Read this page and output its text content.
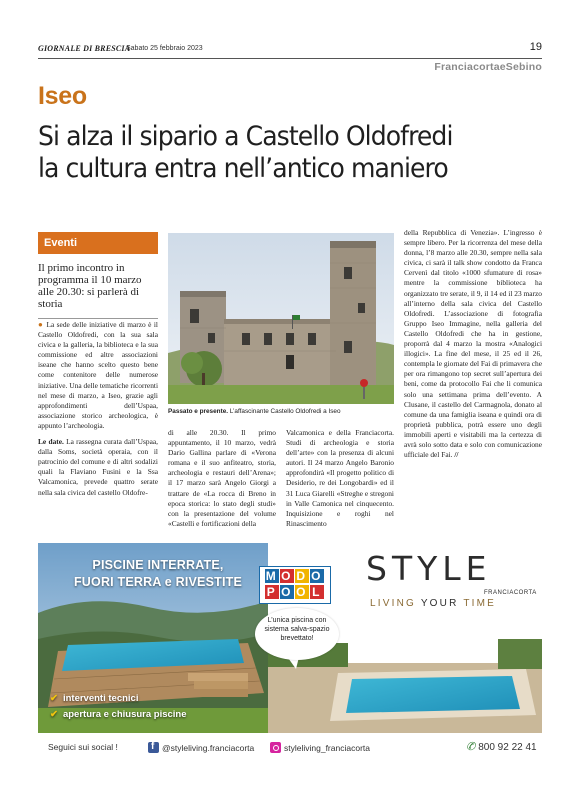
GIORNALE DI BRESCIA
Sabato 25 febbraio 2023	19
FranciacortaeSebino
Iseo
Si alza il sipario a Castello Oldofredi
la cultura entra nell’antico maniero
Eventi
Il primo incontro in programma il 10 marzo alle 20.30: si parlerà di storia

● La sede delle iniziative di marzo è il Castello Oldofredi, con la sua sala civica e la galleria, la biblioteca e la sua commissione ed altre associazioni iseane che hanno scelto questo bene come contenitore delle numerose iniziative. Una delle tematiche ricorrenti nel mese di marzo, a Iseo, grazie agli approfondimenti dell’Uspaa, associazione storico archeologica, è appunto l’archeologia.

Le date. La rassegna curata dall’Uspaa, dalla Soms, società operaia, con il patrocinio del comune e di altri sodalizi quali la Flaviano Fusini e la Ssa Valcamonica, prevede quattro serate nella sala civica del castello Oldofre-

Passato e presente. L’affascinante Castello Oldofredi a Iseo
di alle 20.30. Il primo appuntamento, il 10 marzo, vedrà Dario Gallina parlare di «Verona romana e il suo anfiteatro, storia, archeologia e restauri dell’Arena»; il 17 marzo sarà Angelo Giorgi a trattare de «La rocca di Breno in epoca storica: lo stato degli studi» con la presentazione del volume «Castelli e fortificazioni della
Valcamonica e della Franciacorta. Studi di archeologia e storia dell’arte» con la presenza di alcuni autori. Il 24 marzo Angelo Baronio approfondirà «Il progetto politico di Desiderio, re dei Longobardi» ed il 31 Luca Giarelli «Streghe e stregoni in Valle Camonica nel cinquecento. Inquisizione e roghi nel Rinascimento
della Repubblica di Venezia». L’ingresso è sempre libero. Per la ricorrenza del mese della donna, l’8 marzo alle 20.30, sempre nella sala civica, ci sarà il talk show condotto da Franca Cervenì dal titolo «1000 sfumature di rosa» mentre la commissione biblioteca ha organizzato tre serate, il 9, il 14 ed il 23 marzo all’interno della sala civica del Castello Oldofredi. L’associazione di fotografia Gruppo Iseo Immagine, nella galleria del Castello Oldofredi che ha in gestione, proporrà dal 4 marzo la mostra «Analogici illogici». La fine del mese, il 25 ed il 26, contempla le giornate del Fai di primavera che per ora rimangono top secret sull’apertura dei beni, come da protocollo Fai che li comunica solo una settimana prima dell’evento. A Clusane, il castello del Carmagnola, donato al comune da una famiglia iseana e quindi ora di proprietà pubblica, potrà essere uno degli immobili aperti e visitabili ma la certezza di avrà solo sotto data e solo con comunicazione ufficiale del Fai. //
PISCINE INTERRATE,
FUORI TERRA e RIVESTITE	M O D O
P O O L
L’unica piscina con sistema salva-spazio brevettato!
STYLE
FRANCIACORTA
LIVING YOUR TIME
✔ interventi tecnici
✔ apertura e chiusura piscine
Seguici sui social !
f	@styleliving.franciacorta	styleliving_franciacorta	✆ 800 92 22 41
